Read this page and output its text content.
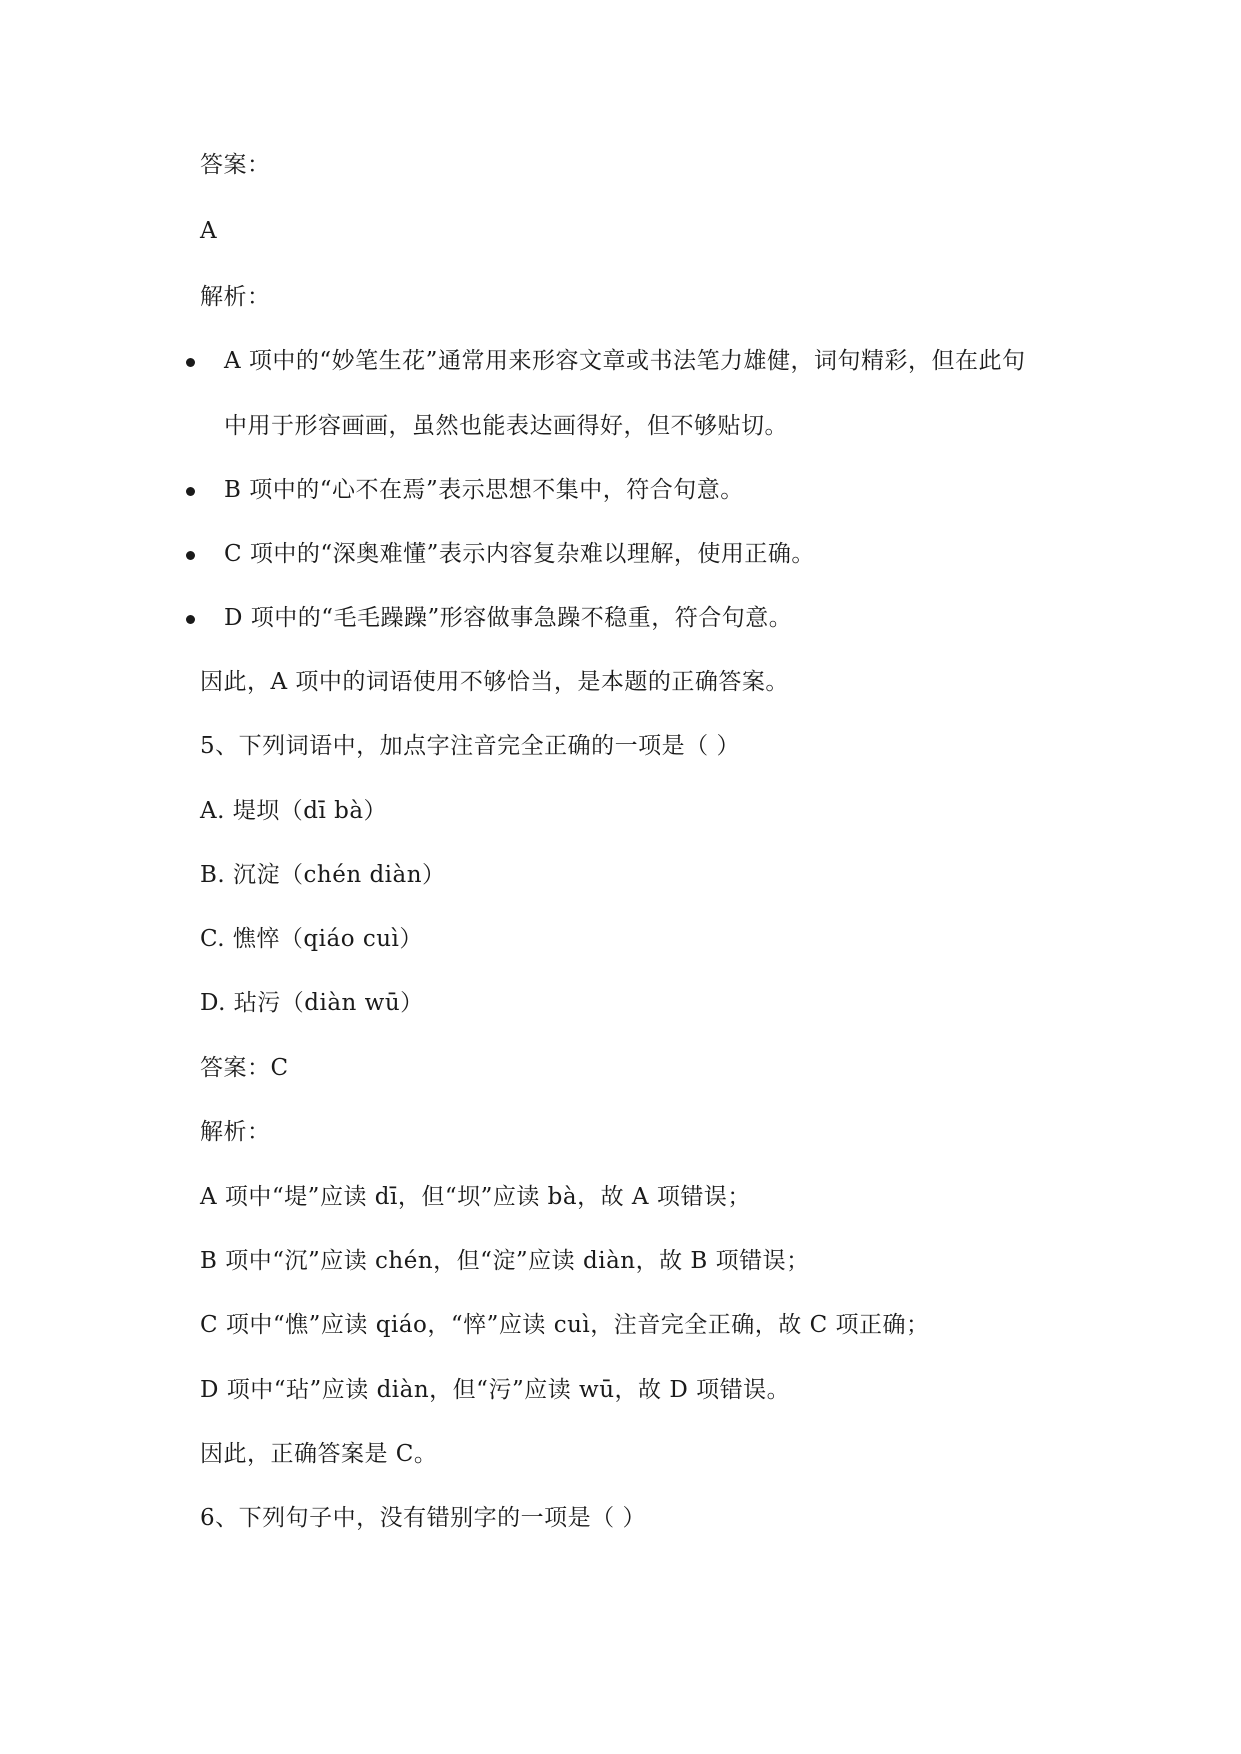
答案：
A
解析：
A 项中的“妙笔生花”通常用来形容文章或书法笔力雄健，词句精彩，但在此句
中用于形容画画，虽然也能表达画得好，但不够贴切。
B 项中的“心不在焉”表示思想不集中，符合句意。
C 项中的“深奥难懂”表示内容复杂难以理解，使用正确。
D 项中的“毛毛躁躁”形容做事急躁不稳重，符合句意。
因此，A 项中的词语使用不够恰当，是本题的正确答案。
5、下列词语中，加点字注音完全正确的一项是（ ）
A. 堤坝（dī bà）
B. 沉淀（chén diàn）
C. 憔悴（qiáo cuì）
D. 玷污（diàn wū）
答案：C
解析：
A 项中“堤”应读 dī，但“坝”应读 bà，故 A 项错误；
B 项中“沉”应读 chén，但“淀”应读 diàn，故 B 项错误；
C 项中“憔”应读 qiáo，“悴”应读 cuì，注音完全正确，故 C 项正确；
D 项中“玷”应读 diàn，但“污”应读 wū，故 D 项错误。
因此，正确答案是 C。
6、下列句子中，没有错别字的一项是（ ）
